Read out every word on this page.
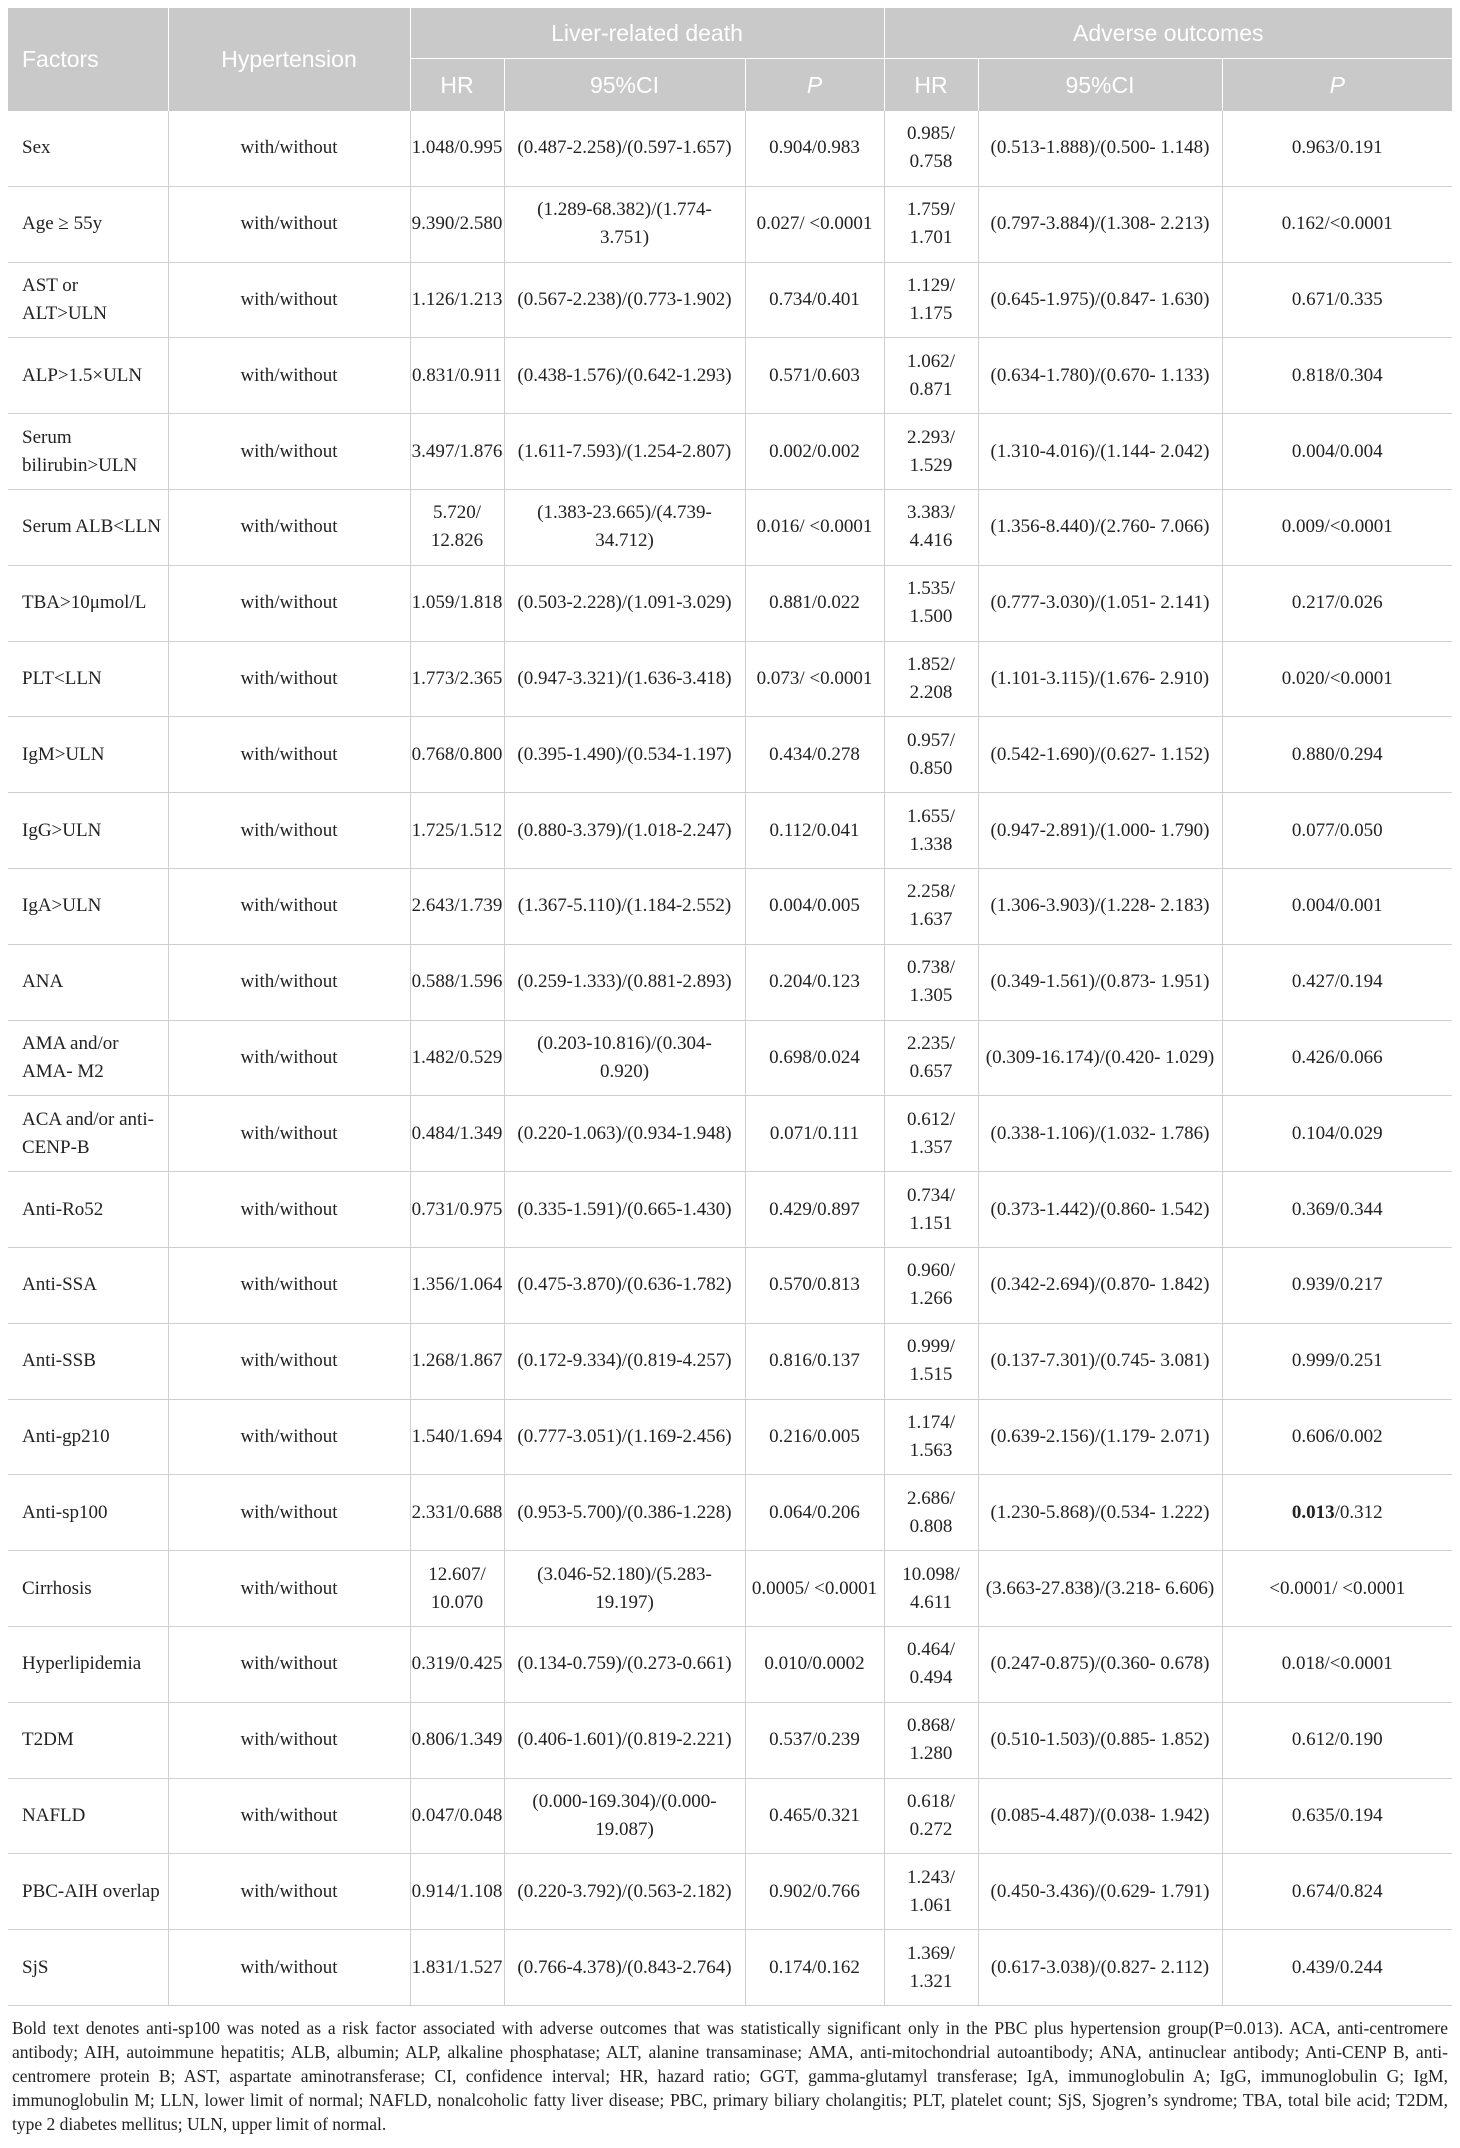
Factors	Hypertension	Liver-related death			Adverse outcomes		
		HR	95%CI	P	HR	95%CI	P
Sex	with/without	1.048/0.995	(0.487-2.258)/(0.597-1.657)	0.904/0.983	0.985/ 0.758	(0.513-1.888)/(0.500- 1.148)	0.963/0.191
Age ≥ 55y	with/without	9.390/2.580	(1.289-68.382)/(1.774- 3.751)	0.027/ <0.0001	1.759/ 1.701	(0.797-3.884)/(1.308- 2.213)	0.162/<0.0001
AST or ALT>ULN	with/without	1.126/1.213	(0.567-2.238)/(0.773-1.902)	0.734/0.401	1.129/ 1.175	(0.645-1.975)/(0.847- 1.630)	0.671/0.335
ALP>1.5×ULN	with/without	0.831/0.911	(0.438-1.576)/(0.642-1.293)	0.571/0.603	1.062/ 0.871	(0.634-1.780)/(0.670- 1.133)	0.818/0.304
Serum bilirubin>ULN	with/without	3.497/1.876	(1.611-7.593)/(1.254-2.807)	0.002/0.002	2.293/ 1.529	(1.310-4.016)/(1.144- 2.042)	0.004/0.004
Serum ALB<LLN	with/without	5.720/ 12.826	(1.383-23.665)/(4.739- 34.712)	0.016/ <0.0001	3.383/ 4.416	(1.356-8.440)/(2.760- 7.066)	0.009/<0.0001
TBA>10μmol/L	with/without	1.059/1.818	(0.503-2.228)/(1.091-3.029)	0.881/0.022	1.535/ 1.500	(0.777-3.030)/(1.051- 2.141)	0.217/0.026
PLT<LLN	with/without	1.773/2.365	(0.947-3.321)/(1.636-3.418)	0.073/ <0.0001	1.852/ 2.208	(1.101-3.115)/(1.676- 2.910)	0.020/<0.0001
IgM>ULN	with/without	0.768/0.800	(0.395-1.490)/(0.534-1.197)	0.434/0.278	0.957/ 0.850	(0.542-1.690)/(0.627- 1.152)	0.880/0.294
IgG>ULN	with/without	1.725/1.512	(0.880-3.379)/(1.018-2.247)	0.112/0.041	1.655/ 1.338	(0.947-2.891)/(1.000- 1.790)	0.077/0.050
IgA>ULN	with/without	2.643/1.739	(1.367-5.110)/(1.184-2.552)	0.004/0.005	2.258/ 1.637	(1.306-3.903)/(1.228- 2.183)	0.004/0.001
ANA	with/without	0.588/1.596	(0.259-1.333)/(0.881-2.893)	0.204/0.123	0.738/ 1.305	(0.349-1.561)/(0.873- 1.951)	0.427/0.194
AMA and/or AMA- M2	with/without	1.482/0.529	(0.203-10.816)/(0.304- 0.920)	0.698/0.024	2.235/ 0.657	(0.309-16.174)/(0.420- 1.029)	0.426/0.066
ACA and/or anti- CENP-B	with/without	0.484/1.349	(0.220-1.063)/(0.934-1.948)	0.071/0.111	0.612/ 1.357	(0.338-1.106)/(1.032- 1.786)	0.104/0.029
Anti-Ro52	with/without	0.731/0.975	(0.335-1.591)/(0.665-1.430)	0.429/0.897	0.734/ 1.151	(0.373-1.442)/(0.860- 1.542)	0.369/0.344
Anti-SSA	with/without	1.356/1.064	(0.475-3.870)/(0.636-1.782)	0.570/0.813	0.960/ 1.266	(0.342-2.694)/(0.870- 1.842)	0.939/0.217
Anti-SSB	with/without	1.268/1.867	(0.172-9.334)/(0.819-4.257)	0.816/0.137	0.999/ 1.515	(0.137-7.301)/(0.745- 3.081)	0.999/0.251
Anti-gp210	with/without	1.540/1.694	(0.777-3.051)/(1.169-2.456)	0.216/0.005	1.174/ 1.563	(0.639-2.156)/(1.179- 2.071)	0.606/0.002
Anti-sp100	with/without	2.331/0.688	(0.953-5.700)/(0.386-1.228)	0.064/0.206	2.686/ 0.808	(1.230-5.868)/(0.534- 1.222)	0.013/0.312
Cirrhosis	with/without	12.607/ 10.070	(3.046-52.180)/(5.283- 19.197)	0.0005/ <0.0001	10.098/ 4.611	(3.663-27.838)/(3.218- 6.606)	<0.0001/ <0.0001
Hyperlipidemia	with/without	0.319/0.425	(0.134-0.759)/(0.273-0.661)	0.010/0.0002	0.464/ 0.494	(0.247-0.875)/(0.360- 0.678)	0.018/<0.0001
T2DM	with/without	0.806/1.349	(0.406-1.601)/(0.819-2.221)	0.537/0.239	0.868/ 1.280	(0.510-1.503)/(0.885- 1.852)	0.612/0.190
NAFLD	with/without	0.047/0.048	(0.000-169.304)/(0.000- 19.087)	0.465/0.321	0.618/ 0.272	(0.085-4.487)/(0.038- 1.942)	0.635/0.194
PBC-AIH overlap	with/without	0.914/1.108	(0.220-3.792)/(0.563-2.182)	0.902/0.766	1.243/ 1.061	(0.450-3.436)/(0.629- 1.791)	0.674/0.824
SjS	with/without	1.831/1.527	(0.766-4.378)/(0.843-2.764)	0.174/0.162	1.369/ 1.321	(0.617-3.038)/(0.827- 2.112)	0.439/0.244
Bold text denotes anti-sp100 was noted as a risk factor associated with adverse outcomes that was statistically significant only in the PBC plus hypertension group(P=0.013). ACA, anti-centromere antibody; AIH, autoimmune hepatitis; ALB, albumin; ALP, alkaline phosphatase; ALT, alanine transaminase; AMA, anti-mitochondrial autoantibody; ANA, antinuclear antibody; Anti-CENP B, anti-centromere protein B; AST, aspartate aminotransferase; CI, confidence interval; HR, hazard ratio; GGT, gamma-glutamyl transferase; IgA, immunoglobulin A; IgG, immunoglobulin G; IgM, immunoglobulin M; LLN, lower limit of normal; NAFLD, nonalcoholic fatty liver disease; PBC, primary biliary cholangitis; PLT, platelet count; SjS, Sjogren’s syndrome; TBA, total bile acid; T2DM, type 2 diabetes mellitus; ULN, upper limit of normal.
